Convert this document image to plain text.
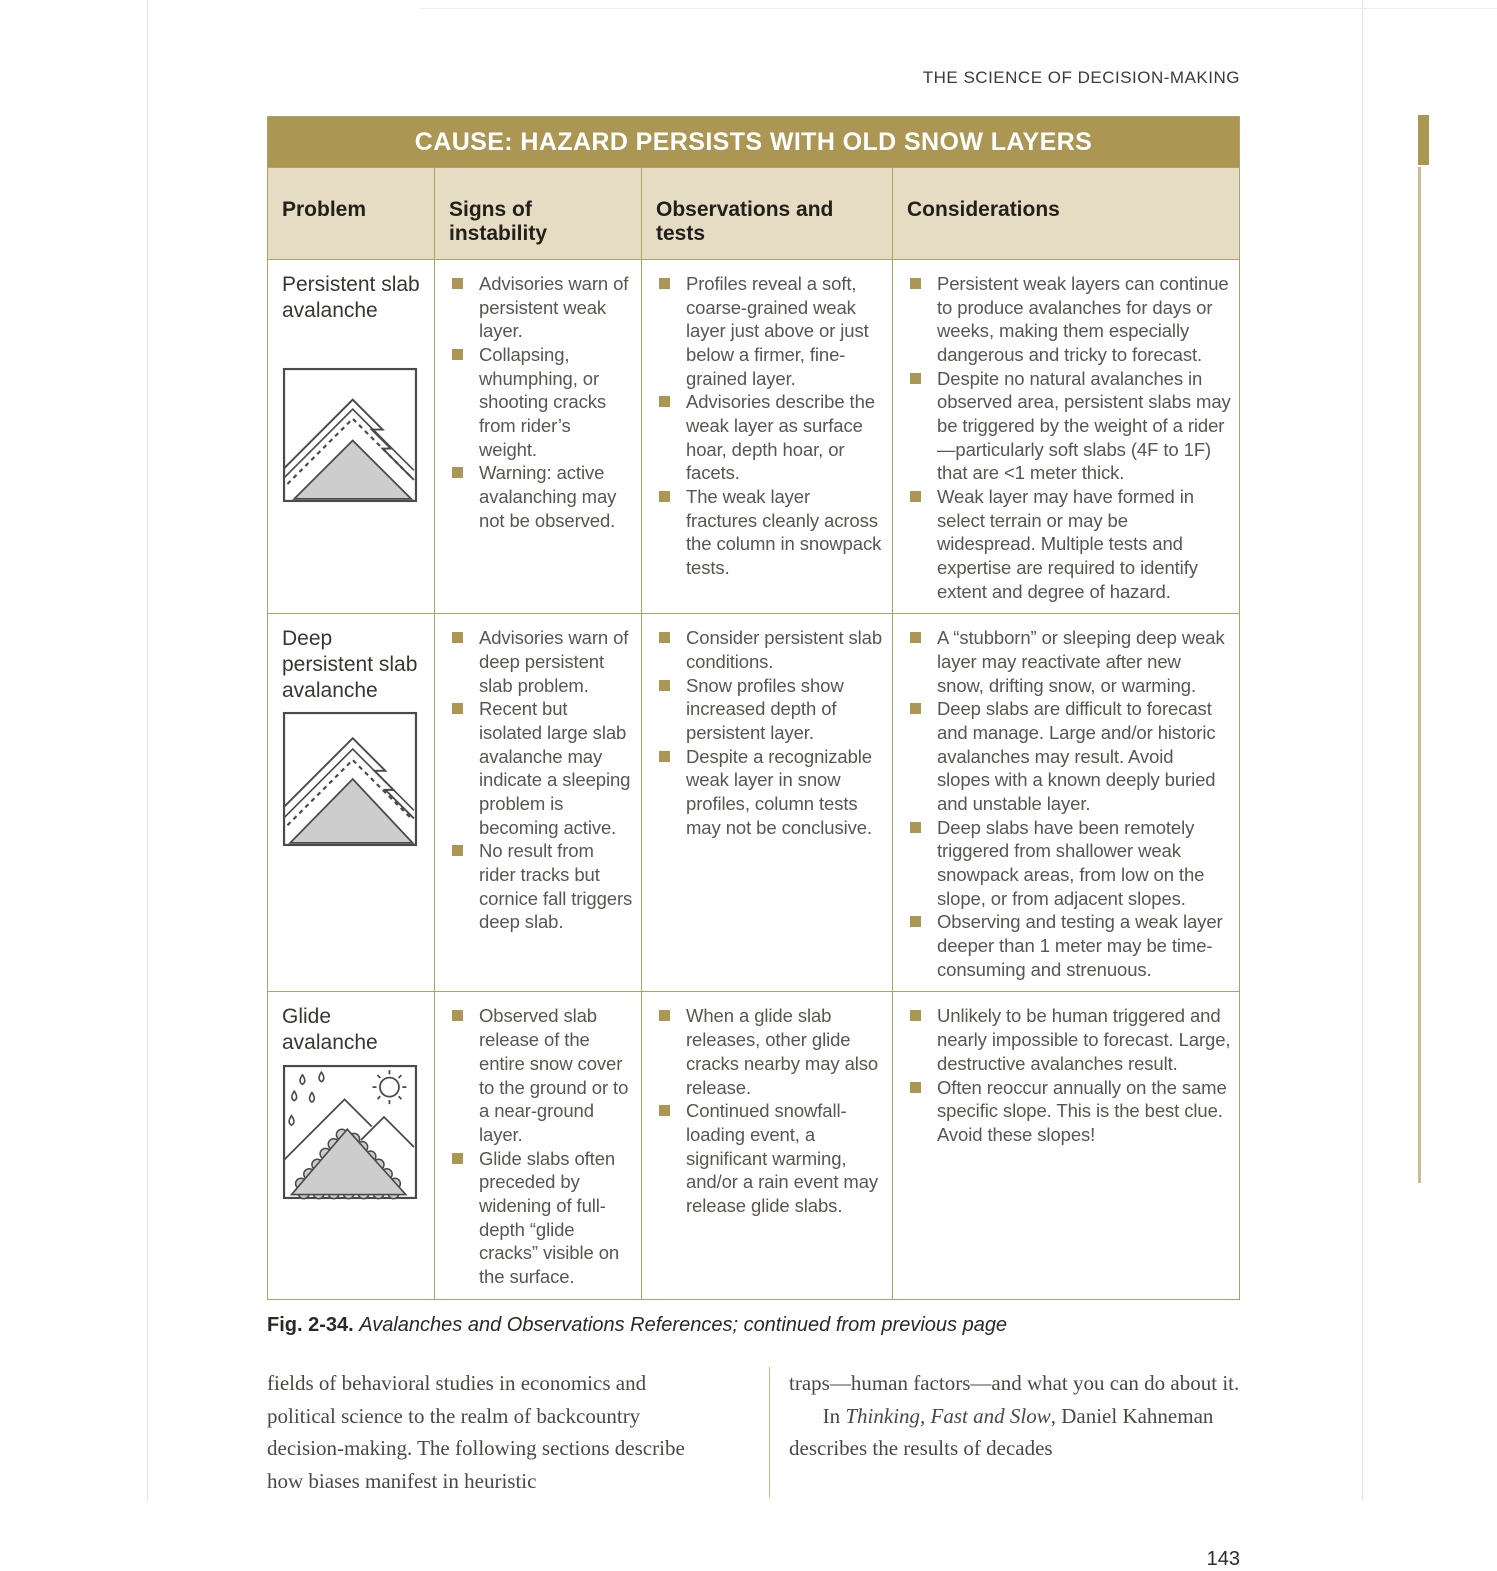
THE SCIENCE OF DECISION-MAKING
CAUSE: HAZARD PERSISTS WITH OLD SNOW LAYERS
Problem	Signs of instability
Observations and tests
Considerations
Persistent slab avalanche
Advisories warn of persistent weak layer.
Collapsing, whumphing, or shooting cracks from rider’s weight.
Warning: active avalanching may not be observed.
Profiles reveal a soft, coarse-grained weak layer just above or just below a firmer, fine-grained layer.
Advisories describe the weak layer as surface hoar, depth hoar, or facets.
The weak layer fractures cleanly across the column in snowpack tests.
Persistent weak layers can continue to produce avalanches for days or weeks, making them especially dangerous and tricky to forecast.
Despite no natural avalanches in observed area, persistent slabs may be triggered by the weight of a rider—particularly soft slabs (4F to 1F) that are <1 meter thick.
Weak layer may have formed in select terrain or may be widespread. Multiple tests and expertise are required to identify extent and degree of hazard.
Deep persistent slab avalanche
Advisories warn of deep persistent slab problem.
Recent but isolated large slab avalanche may indicate a sleeping problem is becoming active.
No result from rider tracks but cornice fall triggers deep slab.
Consider persistent slab conditions.
Snow profiles show increased depth of persistent layer.
Despite a recognizable weak layer in snow profiles, column tests may not be conclusive.
A “stubborn” or sleeping deep weak layer may reactivate after new snow, drifting snow, or warming.
Deep slabs are difficult to forecast and manage. Large and/or historic avalanches may result. Avoid slopes with a known deeply buried and unstable layer.
Deep slabs have been remotely triggered from shallower weak snowpack areas, from low on the slope, or from adjacent slopes.
Observing and testing a weak layer deeper than 1 meter may be time-consuming and strenuous.
Glide avalanche
Observed slab release of the entire snow cover to the ground or to a near-ground layer.
Glide slabs often preceded by widening of full-depth “glide cracks” visible on the surface.
When a glide slab releases, other glide cracks nearby may also release.
Continued snowfall-loading event, a significant warming, and/or a rain event may release glide slabs.
Unlikely to be human triggered and nearly impossible to forecast. Large, destructive avalanches result.
Often reoccur annually on the same specific slope. This is the best clue. Avoid these slopes!
Fig. 2-34. Avalanches and Observations References; continued from previous page

fields of behavioral studies in economics and political science to the realm of backcountry decision-making. The following sections describe how biases manifest in heuristic

traps—human factors—and what you can do about it.

In Thinking, Fast and Slow, Daniel Kahneman describes the results of decades

143
